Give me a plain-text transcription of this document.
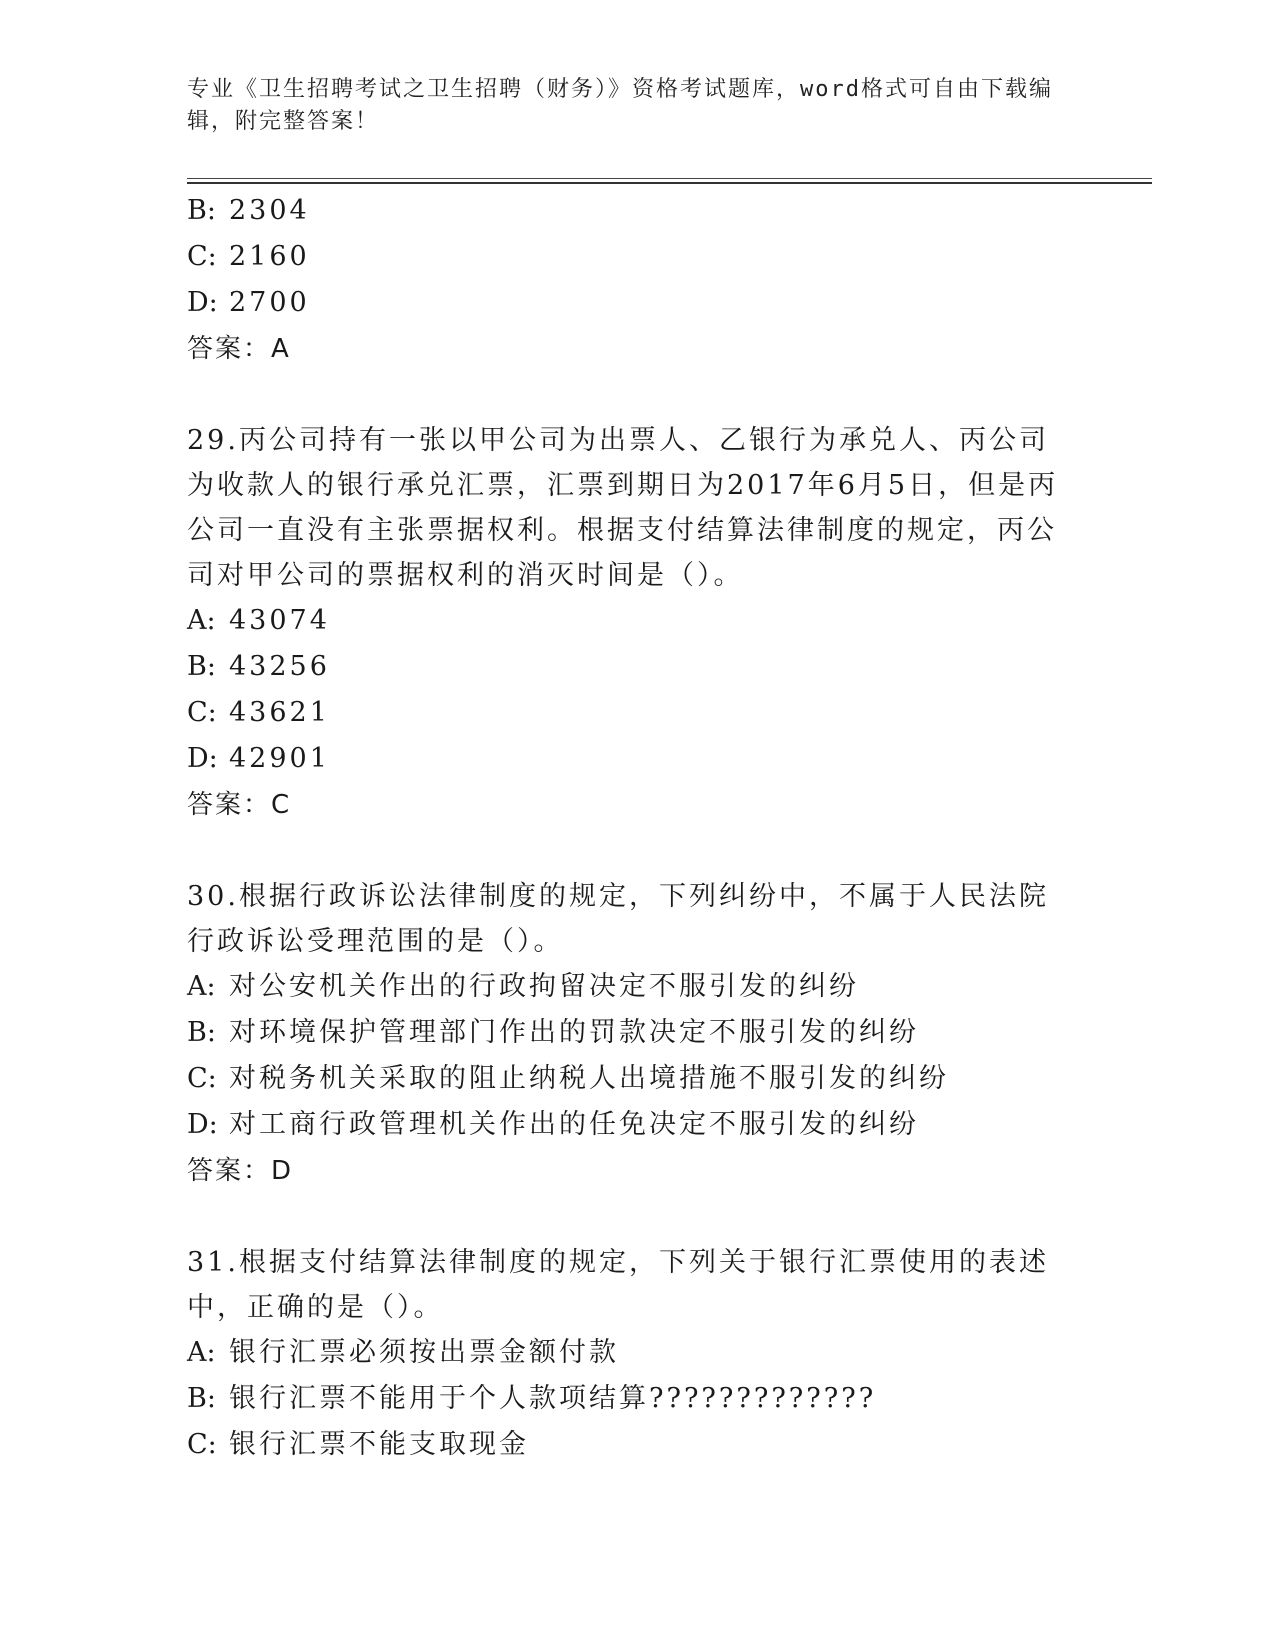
专业《卫生招聘考试之卫生招聘（财务）》资格考试题库，word格式可自由下载编辑，附完整答案！
B: 2304
C: 2160
D: 2700
答案：A
29.丙公司持有一张以甲公司为出票人、乙银行为承兑人、丙公司为收款人的银行承兑汇票，汇票到期日为2017年6月5日，但是丙公司一直没有主张票据权利。根据支付结算法律制度的规定，丙公司对甲公司的票据权利的消灭时间是（）。
A: 43074
B: 43256
C: 43621
D: 42901
答案：C
30.根据行政诉讼法律制度的规定，下列纠纷中，不属于人民法院行政诉讼受理范围的是（）。
A: 对公安机关作出的行政拘留决定不服引发的纠纷
B: 对环境保护管理部门作出的罚款决定不服引发的纠纷
C: 对税务机关采取的阻止纳税人出境措施不服引发的纠纷
D: 对工商行政管理机关作出的任免决定不服引发的纠纷
答案：D
31.根据支付结算法律制度的规定，下列关于银行汇票使用的表述中，正确的是（）。
A: 银行汇票必须按出票金额付款
B: 银行汇票不能用于个人款项结算?????????????
C: 银行汇票不能支取现金
